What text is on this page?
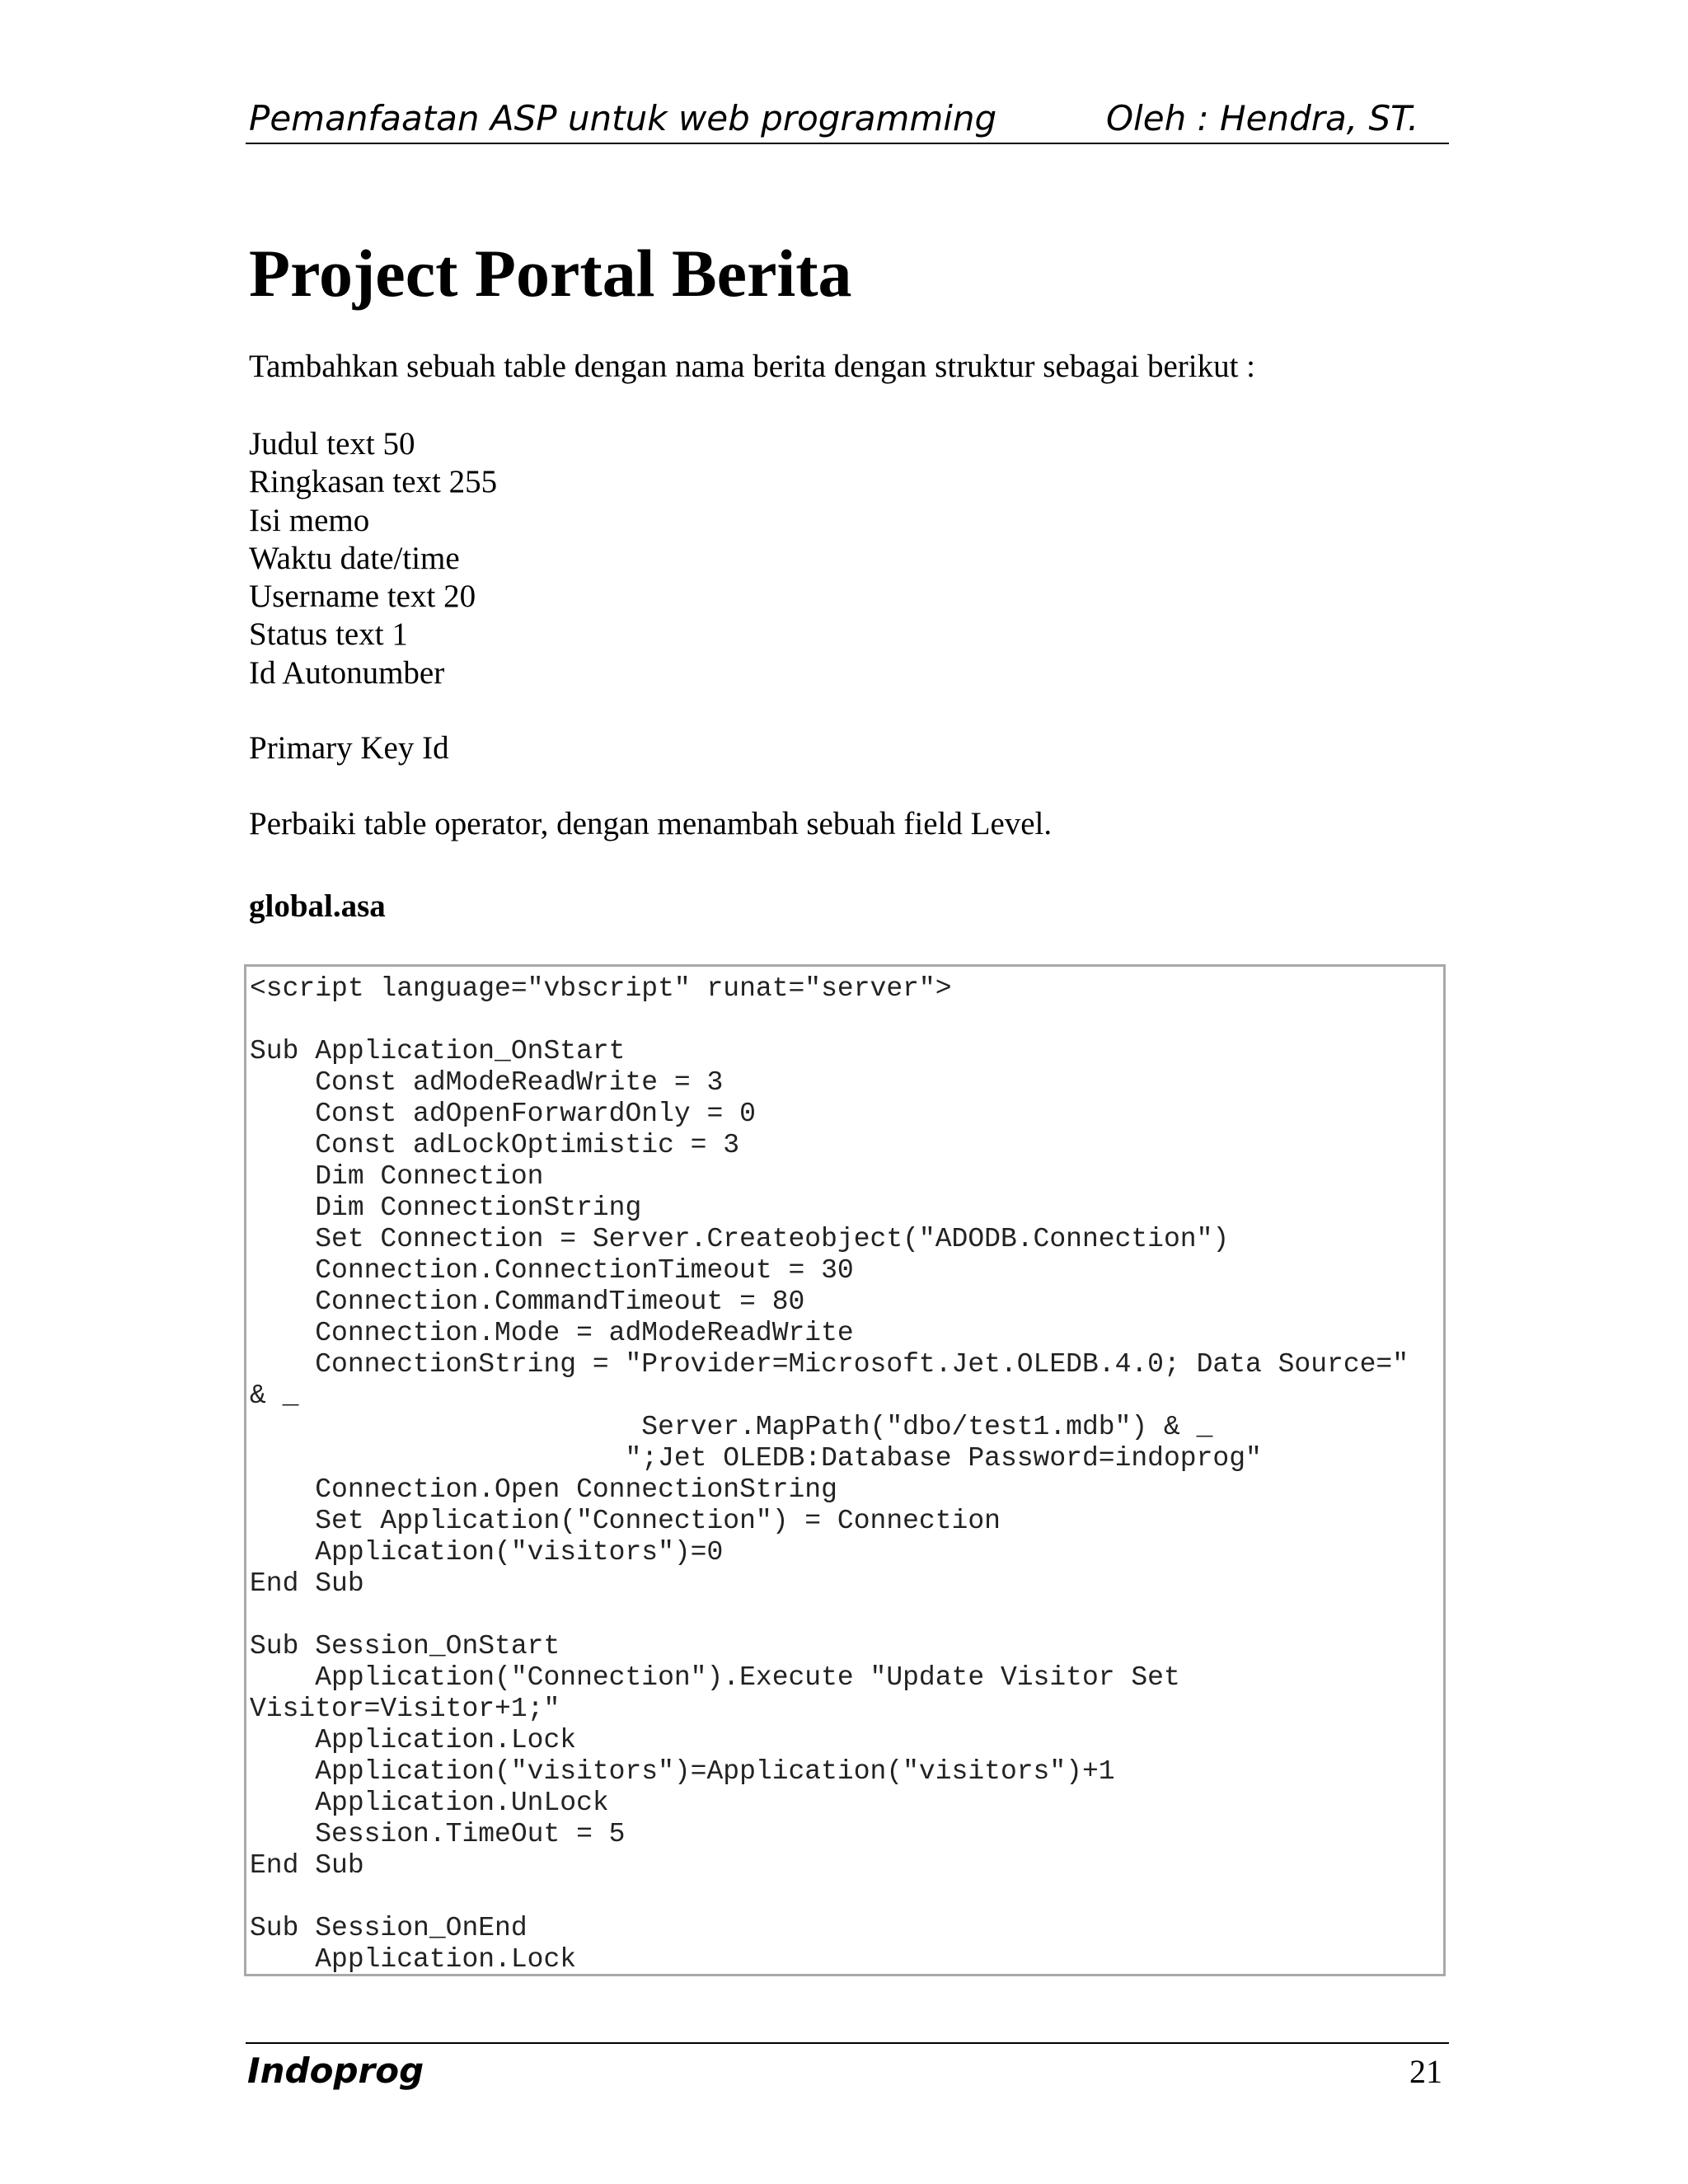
Pemanfaatan ASP untuk web programming	Oleh : Hendra, ST.
Project Portal Berita
Tambahkan sebuah table dengan nama berita dengan struktur sebagai berikut :
Judul text 50
Ringkasan text 255
Isi memo
Waktu date/time
Username text 20
Status text 1
Id Autonumber
Primary Key Id
Perbaiki table operator, dengan menambah sebuah field Level.
global.asa
<script language="vbscript" runat="server">

Sub Application_OnStart
Const adModeReadWrite = 3
Const adOpenForwardOnly = 0
Const adLockOptimistic = 3
Dim Connection
Dim ConnectionString
Set Connection = Server.Createobject("ADODB.Connection")
Connection.ConnectionTimeout = 30
Connection.CommandTimeout = 80
Connection.Mode = adModeReadWrite
ConnectionString = "Provider=Microsoft.Jet.OLEDB.4.0; Data Source="
& _
Server.MapPath("dbo/test1.mdb") & _
";Jet OLEDB:Database Password=indoprog"
Connection.Open ConnectionString
Set Application("Connection") = Connection
Application("visitors")=0
End Sub

Sub Session_OnStart
Application("Connection").Execute "Update Visitor Set
Visitor=Visitor+1;"
Application.Lock
Application("visitors")=Application("visitors")+1
Application.UnLock
Session.TimeOut = 5
End Sub

Sub Session_OnEnd
Application.Lock
Indoprog	21
